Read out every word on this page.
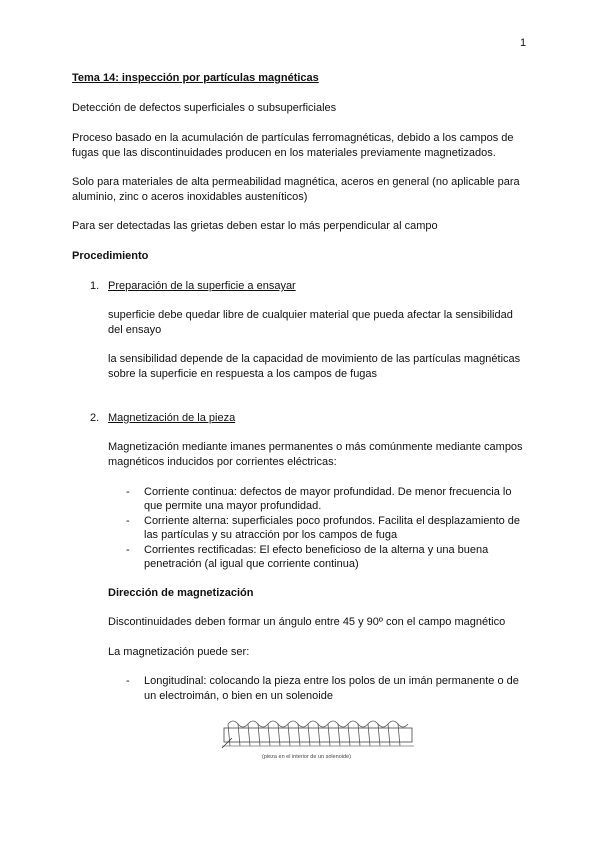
1
Tema 14: inspección por partículas magnéticas
Detección de defectos superficiales o subsuperficiales
Proceso basado en la acumulación de partículas ferromagnéticas, debido a los campos de
fugas que las discontinuidades producen en los materiales previamente magnetizados.
Solo para materiales de alta permeabilidad magnética, aceros en general (no aplicable para
aluminio, zinc o aceros inoxidables austeníticos)
Para ser detectadas las grietas deben estar lo más perpendicular al campo
Procedimiento
1. Preparación de la superficie a ensayar
superficie debe quedar libre de cualquier material que pueda afectar la sensibilidad
del ensayo
la sensibilidad depende de la capacidad de movimiento de las partículas magnéticas
sobre la superficie en respuesta a los campos de fugas
2. Magnetización de la pieza
Magnetización mediante imanes permanentes o más comúnmente mediante campos
magnéticos inducidos por corrientes eléctricas:
- Corriente continua: defectos de mayor profundidad. De menor frecuencia lo
que permite una mayor profundidad.
- Corriente alterna: superficiales poco profundos. Facilita el desplazamiento de
las partículas y su atracción por los campos de fuga
- Corrientes rectificadas: El efecto beneficioso de la alterna y una buena
penetración (al igual que corriente continua)
Dirección de magnetización
Discontinuidades deben formar un ángulo entre 45 y 90º con el campo magnético
La magnetización puede ser:
- Longitudinal: colocando la pieza entre los polos de un imán permanente o de
un electroimán, o bien en un solenoide
(pieza en el interior de un solenoide)
